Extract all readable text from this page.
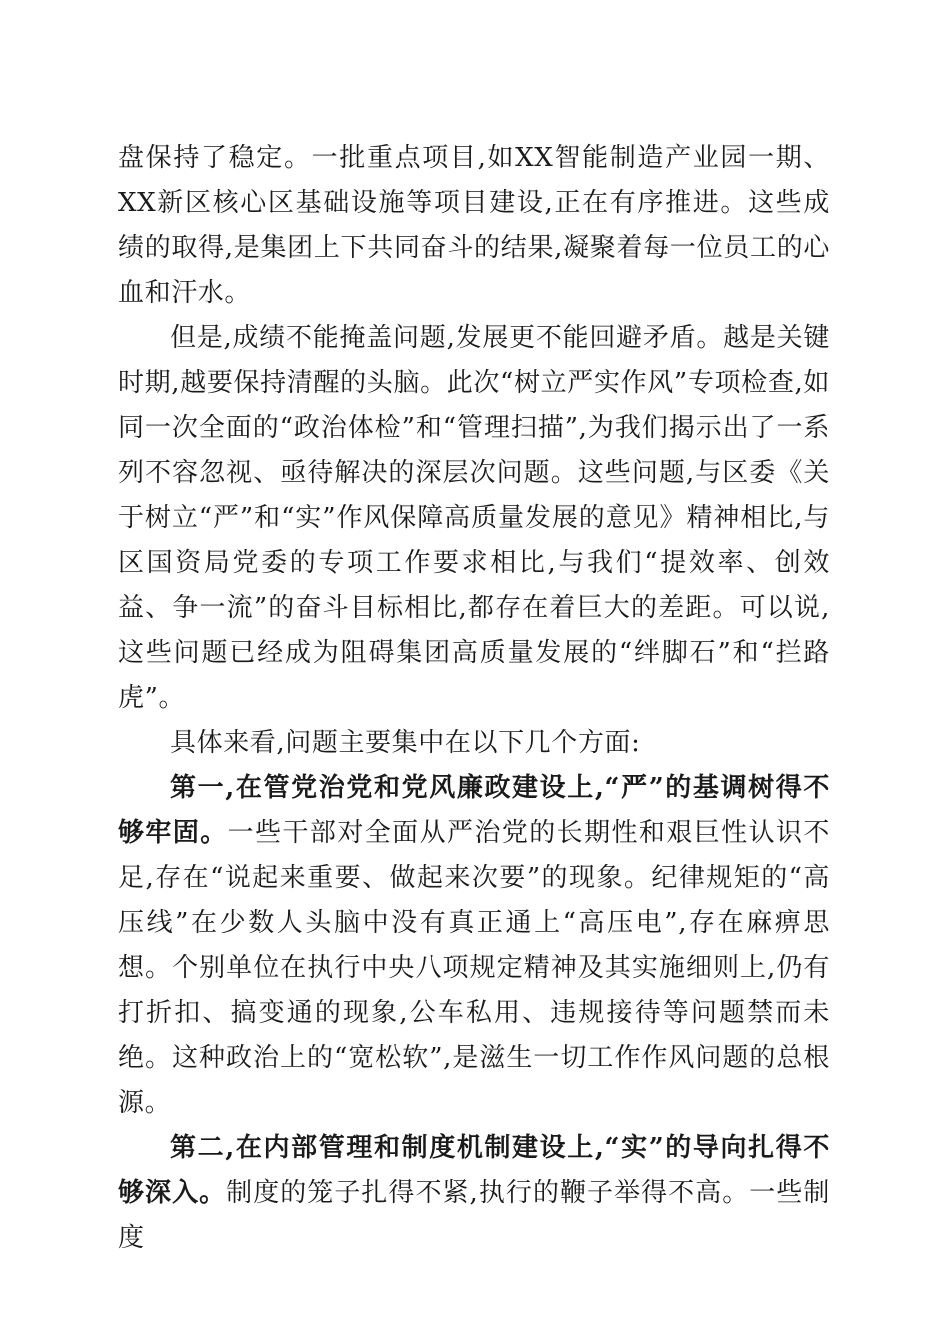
盘保持了稳定。一批重点项目,如XX智能制造产业园一期、XX新区核心区基础设施等项目建设,正在有序推进。这些成绩的取得,是集团上下共同奋斗的结果,凝聚着每一位员工的心血和汗水。

但是,成绩不能掩盖问题,发展更不能回避矛盾。越是关键时期,越要保持清醒的头脑。此次“树立严实作风”专项检查,如同一次全面的“政治体检”和“管理扫描”,为我们揭示出了一系列不容忽视、亟待解决的深层次问题。这些问题,与区委《关于树立“严”和“实”作风保障高质量发展的意见》精神相比,与区国资局党委的专项工作要求相比,与我们“提效率、创效益、争一流”的奋斗目标相比,都存在着巨大的差距。可以说,这些问题已经成为阻碍集团高质量发展的“绊脚石”和“拦路虎”。

具体来看,问题主要集中在以下几个方面:

第一,在管党治党和党风廉政建设上,“严”的基调树得不够牢固。一些干部对全面从严治党的长期性和艰巨性认识不足,存在“说起来重要、做起来次要”的现象。纪律规矩的“高压线”在少数人头脑中没有真正通上“高压电”,存在麻痹思想。个别单位在执行中央八项规定精神及其实施细则上,仍有打折扣、搞变通的现象,公车私用、违规接待等问题禁而未绝。这种政治上的“宽松软”,是滋生一切工作作风问题的总根源。

第二,在内部管理和制度机制建设上,“实”的导向扎得不够深入。制度的笼子扎得不紧,执行的鞭子举得不高。一些制度
